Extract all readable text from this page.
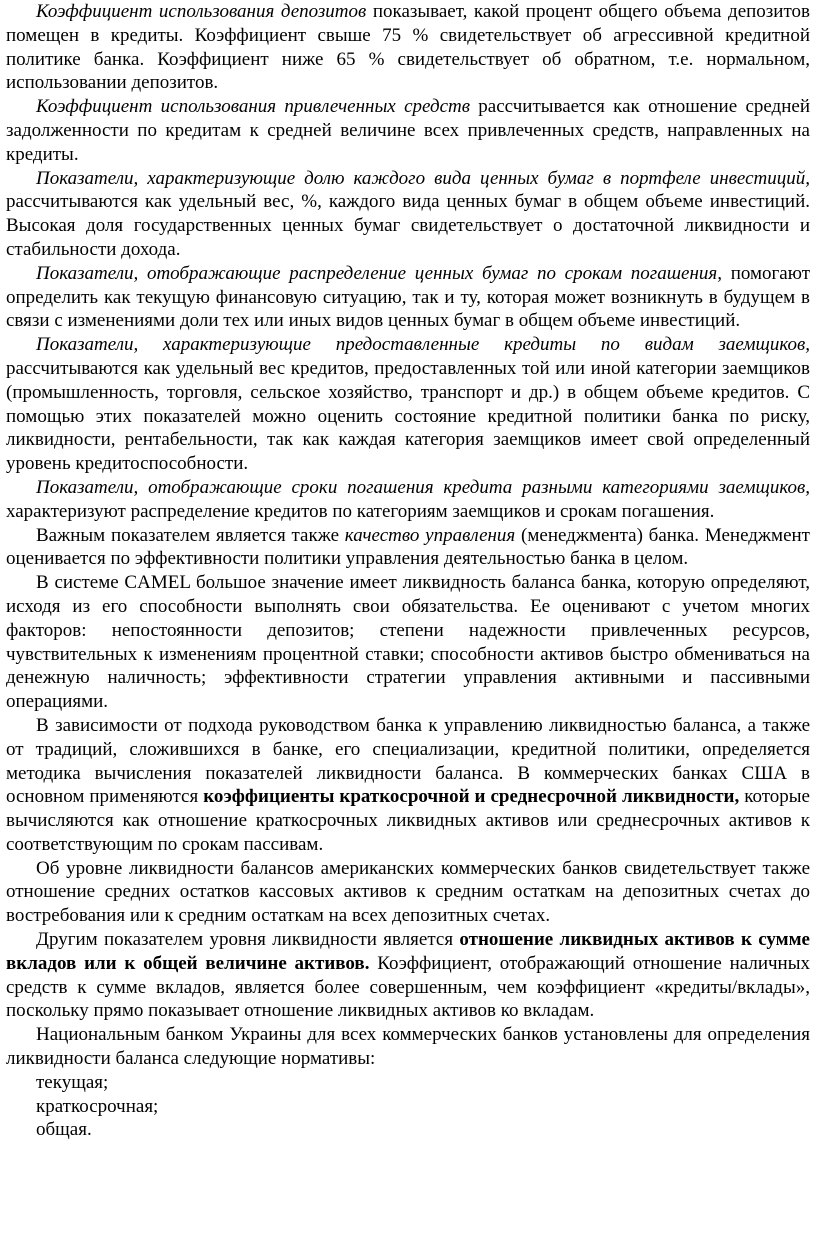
Коэффициент использования депозитов показывает, какой процент общего объема депозитов помещен в кредиты. Коэффициент свыше 75 % свидетельствует об агрессивной кредитной политике банка. Коэффициент ниже 65 % свидетельствует об обратном, т.е. нормальном, использовании депозитов.

Коэффициент использования привлеченных средств рассчитывается как отношение средней задолженности по кредитам к средней величине всех привлеченных средств, направленных на кредиты.

Показатели, характеризующие долю каждого вида ценных бумаг в портфеле инвестиций, рассчитываются как удельный вес, %, каждого вида ценных бумаг в общем объеме инвестиций. Высокая доля государственных ценных бумаг свидетельствует о достаточной ликвидности и стабильности дохода.

Показатели, отображающие распределение ценных бумаг по срокам погашения, помогают определить как текущую финансовую ситуацию, так и ту, которая может возникнуть в будущем в связи с изменениями доли тех или иных видов ценных бумаг в общем объеме инвестиций.

Показатели, характеризующие предоставленные кредиты по видам заемщиков, рассчитываются как удельный вес кредитов, предоставленных той или иной категории заемщиков (промышленность, торговля, сельское хозяйство, транспорт и др.) в общем объеме кредитов. С помощью этих показателей можно оценить состояние кредитной политики банка по риску, ликвидности, рентабельности, так как каждая категория заемщиков имеет свой определенный уровень кредитоспособности.

Показатели, отображающие сроки погашения кредита разными категориями заемщиков, характеризуют распределение кредитов по категориям заемщиков и срокам погашения.

Важным показателем является также качество управления (менеджмента) банка. Менеджмент оценивается по эффективности политики управления деятельностью банка в целом.

В системе CAMEL большое значение имеет ликвидность баланса банка, которую определяют, исходя из его способности выполнять свои обязательства. Ее оценивают с учетом многих факторов: непостоянности депозитов; степени надежности привлеченных ресурсов, чувствительных к изменениям процентной ставки; способности активов быстро обмениваться на денежную наличность; эффективности стратегии управления активными и пассивными операциями.

В зависимости от подхода руководством банка к управлению ликвидностью баланса, а также от традиций, сложившихся в банке, его специализации, кредитной политики, определяется методика вычисления показателей ликвидности баланса. В коммерческих банках США в основном применяются коэффициенты краткосрочной и среднесрочной ликвидности, которые вычисляются как отношение краткосрочных ликвидных активов или среднесрочных активов к соответствующим по срокам пассивам.

Об уровне ликвидности балансов американских коммерческих банков свидетельствует также отношение средних остатков кассовых активов к средним остаткам на депозитных счетах до востребования или к средним остаткам на всех депозитных счетах.

Другим показателем уровня ликвидности является отношение ликвидных активов к сумме вкладов или к общей величине активов. Коэффициент, отображающий отношение наличных средств к сумме вкладов, является более совершенным, чем коэффициент «кредиты/вклады», поскольку прямо показывает отношение ликвидных активов ко вкладам.

Национальным банком Украины для всех коммерческих банков установлены для определения ликвидности баланса следующие нормативы:

текущая;
краткосрочная;
общая.
